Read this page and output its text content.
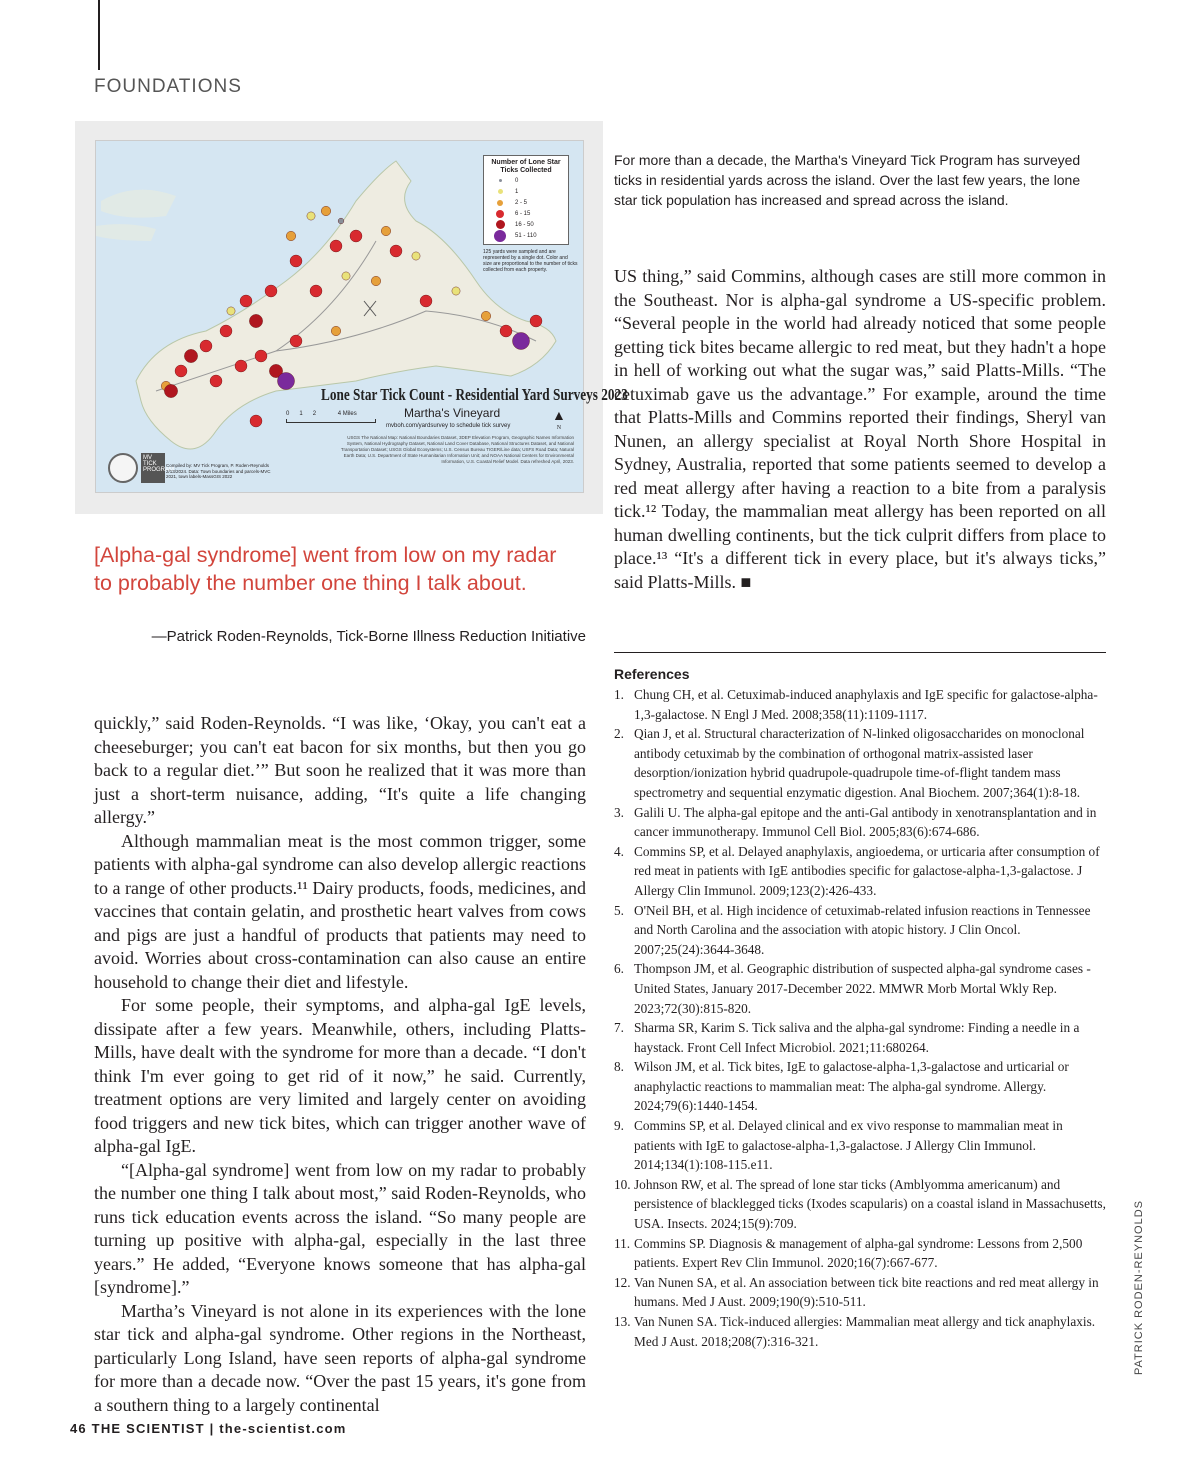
FOUNDATIONS
Number of Lone Star Ticks Collected
0
1
2 - 5
6 - 15
16 - 50
51 - 110
125 yards were sampled and are represented by a single dot. Color and size are proportional to the number of ticks collected from each property.
Lone Star Tick Count - Residential Yard Surveys 2023
0 1 2	4 Miles	Martha's Vineyard
mvboh.com/yardsurvey to schedule tick survey
▲
N
USGS The National Map: National Boundaries Dataset, 3DEP Elevation Program, Geographic Names Information System, National Hydrography Dataset, National Land Cover Database, National Structures Dataset, and National Transportation Dataset; USGS Global Ecosystems; U.S. Census Bureau TIGER/Line data; USFS Road Data; Natural Earth Data; U.S. Department of State Humanitarian Information Unit; and NOAA National Centers for Environmental Information, U.S. Coastal Relief Model. Data refreshed April, 2023.
MV TICK PROGRAM
Compiled by: MV Tick Program, P. Roden-Reynolds 2/13/2024. Data: Town boundaries and parcels-MVC 2021, town labels-MassGIS 2022
For more than a decade, the Martha's Vineyard Tick Program has surveyed ticks in residential yards across the island. Over the last few years, the lone star tick population has increased and spread across the island.
[Alpha-gal syndrome] went from low on my radar to probably the number one thing I talk about.
—Patrick Roden-Reynolds, Tick-Borne Illness Reduction Initiative

quickly,” said Roden-Reynolds. “I was like, ‘Okay, you can't eat a cheeseburger; you can't eat bacon for six months, but then you go back to a regular diet.’” But soon he realized that it was more than just a short-term nuisance, adding, “It's quite a life changing allergy.”

Although mammalian meat is the most common trigger, some patients with alpha-gal syndrome can also develop allergic reactions to a range of other products.¹¹ Dairy products, foods, medicines, and vaccines that contain gelatin, and prosthetic heart valves from cows and pigs are just a handful of products that patients may need to avoid. Worries about cross-contamination can also cause an entire household to change their diet and lifestyle.

For some people, their symptoms, and alpha-gal IgE levels, dissipate after a few years. Meanwhile, others, including Platts-Mills, have dealt with the syndrome for more than a decade. “I don't think I'm ever going to get rid of it now,” he said. Currently, treatment options are very limited and largely center on avoiding food triggers and new tick bites, which can trigger another wave of alpha-gal IgE.

“[Alpha-gal syndrome] went from low on my radar to probably the number one thing I talk about most,” said Roden-Reynolds, who runs tick education events across the island. “So many people are turning up positive with alpha-gal, especially in the last three years.” He added, “Everyone knows someone that has alpha-gal [syndrome].”

Martha’s Vineyard is not alone in its experiences with the lone star tick and alpha-gal syndrome. Other regions in the Northeast, particularly Long Island, have seen reports of alpha-gal syndrome for more than a decade now. “Over the past 15 years, it's gone from a southern thing to a largely continental

US thing,” said Commins, although cases are still more common in the Southeast. Nor is alpha-gal syndrome a US-specific problem. “Several people in the world had already noticed that some people getting tick bites became allergic to red meat, but they hadn't a hope in hell of working out what the sugar was,” said Platts-Mills. “The cetuximab gave us the advantage.” For example, around the time that Platts-Mills and Commins reported their findings, Sheryl van Nunen, an allergy specialist at Royal North Shore Hospital in Sydney, Australia, reported that some patients seemed to develop a red meat allergy after having a reaction to a bite from a paralysis tick.¹² Today, the mammalian meat allergy has been reported on all human dwelling continents, but the tick culprit differs from place to place.¹³ “It's a different tick in every place, but it's always ticks,” said Platts-Mills. ■

References
1. Chung CH, et al. Cetuximab-induced anaphylaxis and IgE specific for galactose-alpha-1,3-galactose. N Engl J Med. 2008;358(11):1109-1117.
2. Qian J, et al. Structural characterization of N-linked oligosaccharides on monoclonal antibody cetuximab by the combination of orthogonal matrix-assisted laser desorption/ionization hybrid quadrupole-quadrupole time-of-flight tandem mass spectrometry and sequential enzymatic digestion. Anal Biochem. 2007;364(1):8-18.
3. Galili U. The alpha-gal epitope and the anti-Gal antibody in xenotransplantation and in cancer immunotherapy. Immunol Cell Biol. 2005;83(6):674-686.
4. Commins SP, et al. Delayed anaphylaxis, angioedema, or urticaria after consumption of red meat in patients with IgE antibodies specific for galactose-alpha-1,3-galactose. J Allergy Clin Immunol. 2009;123(2):426-433.
5. O'Neil BH, et al. High incidence of cetuximab-related infusion reactions in Tennessee and North Carolina and the association with atopic history. J Clin Oncol. 2007;25(24):3644-3648.
6. Thompson JM, et al. Geographic distribution of suspected alpha-gal syndrome cases - United States, January 2017-December 2022. MMWR Morb Mortal Wkly Rep. 2023;72(30):815-820.
7. Sharma SR, Karim S. Tick saliva and the alpha-gal syndrome: Finding a needle in a haystack. Front Cell Infect Microbiol. 2021;11:680264.
8. Wilson JM, et al. Tick bites, IgE to galactose-alpha-1,3-galactose and urticarial or anaphylactic reactions to mammalian meat: The alpha-gal syndrome. Allergy. 2024;79(6):1440-1454.
9. Commins SP, et al. Delayed clinical and ex vivo response to mammalian meat in patients with IgE to galactose-alpha-1,3-galactose. J Allergy Clin Immunol. 2014;134(1):108-115.e11.
10. Johnson RW, et al. The spread of lone star ticks (Amblyomma americanum) and persistence of blacklegged ticks (Ixodes scapularis) on a coastal island in Massachusetts, USA. Insects. 2024;15(9):709.
11. Commins SP. Diagnosis & management of alpha-gal syndrome: Lessons from 2,500 patients. Expert Rev Clin Immunol. 2020;16(7):667-677.
12. Van Nunen SA, et al. An association between tick bite reactions and red meat allergy in humans. Med J Aust. 2009;190(9):510-511.
13. Van Nunen SA. Tick-induced allergies: Mammalian meat allergy and tick anaphylaxis. Med J Aust. 2018;208(7):316-321.
46 THE SCIENTIST | the-scientist.com
PATRICK RODEN-REYNOLDS
